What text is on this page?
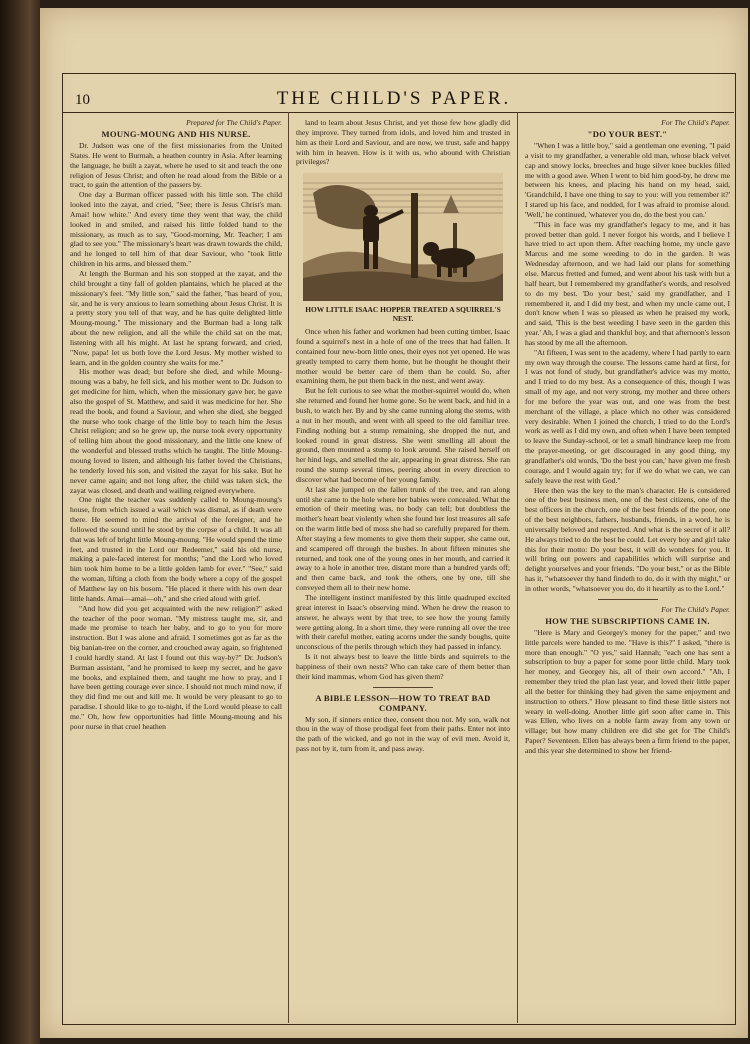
10	THE CHILD'S PAPER.
Prepared for The Child's Paper.
MOUNG-MOUNG AND HIS NURSE.

Dr. Judson was one of the first missionaries from the United States. He went to Burmah, a heathen country in Asia. After learning the language, he built a zayat, where he used to sit and teach the one religion of Jesus Christ; and often he read aloud from the Bible or a tract, to gain the attention of the passers by.

One day a Burman officer passed with his little son. The child looked into the zayat, and cried, "See; there is Jesus Christ's man. Amai! how white." And every time they went that way, the child looked in and smiled, and raised his little folded hand to the missionary, as much as to say, "Good-morning, Mr. Teacher; I am glad to see you." The missionary's heart was drawn towards the child, and he longed to tell him of that dear Saviour, who "took little children in his arms, and blessed them."

At length the Burman and his son stopped at the zayat, and the child brought a tiny fall of golden plantains, which he placed at the missionary's feet. "My little son," said the father, "has heard of you, sir, and he is very anxious to learn something about Jesus Christ. It is a pretty story you tell of that way, and he has quite delighted little Moung-moung." The missionary and the Burman had a long talk about the new religion, and all the while the child sat on the mat, listening with all his might. At last he sprang forward, and cried, "Now, papa! let us both love the Lord Jesus. My mother wished to learn, and in the golden country she waits for me."

His mother was dead; but before she died, and while Moung-moung was a baby, he fell sick, and his mother went to Dr. Judson to get medicine for him, which, when the missionary gave her, he gave also the gospel of St. Matthew, and said it was medicine for her. She read the book, and found a Saviour, and when she died, she begged the nurse who took charge of the little boy to teach him the Jesus Christ religion; and so he grew up, the nurse took every opportunity of telling him about the good missionary, and the little one knew of the wonderful and blessed truths which he taught. The little Moung-moung loved to listen, and although his father loved the Christians, he tenderly loved his son, and visited the zayat for his sake. But he never came again; and not long after, the child was taken sick, the zayat was closed, and death and wailing reigned everywhere.

One night the teacher was suddenly called to Moung-moung's house, from which issued a wail which was dismal, as if death were there. He seemed to mind the arrival of the foreigner, and he followed the sound until he stood by the corpse of a child. It was all that was left of bright little Moung-moung. "He would spend the time feet, and trusted in the Lord our Redeemer," said his old nurse, making a pale-faced interest for months; "and the Lord who loved him took him home to be a little golden lamb for ever." "See," said the woman, lifting a cloth from the body where a copy of the gospel of Matthew lay on his bosom. "He placed it there with his own dear little hands. Amai—amai—oh," and she cried aloud with grief.

"And how did you get acquainted with the new religion?" asked the teacher of the poor woman. "My mistress taught me, sir, and made me promise to teach her baby, and to go to you for more instruction. But I was alone and afraid. I sometimes got as far as the big banian-tree on the corner, and crouched away again, so frightened I could hardly stand. At last I found out this way-by?" Dr. Judson's Burman assistant, "and he promised to keep my secret, and he gave me books, and explained them, and taught me how to pray, and I have been getting courage ever since. I should not much mind now, if they did find me out and kill me. It would be very pleasant to go to paradise. I should like to go to-night, if the Lord would please to call me." Oh, how few opportunities had little Moung-moung and his poor nurse in that cruel heathen

land to learn about Jesus Christ, and yet those few how gladly did they improve. They turned from idols, and loved him and trusted in him as their Lord and Saviour, and are now, we trust, safe and happy with him in heaven. How is it with us, who abound with Christian privileges?

HOW LITTLE ISAAC HOPPER TREATED A SQUIRREL'S NEST.

Once when his father and workmen had been cutting timber, Isaac found a squirrel's nest in a hole of one of the trees that had fallen. It contained four new-born little ones, their eyes not yet opened. He was greatly tempted to carry them home, but he thought he thought their mother would be better care of them than he could. So, after examining them, he put them back in the nest, and went away.

But he felt curious to see what the mother-squirrel would do, when she returned and found her home gone. So he went back, and hid in a bush, to watch her. By and by she came running along the stems, with a nut in her mouth, and went with all speed to the old familiar tree. Finding nothing but a stump remaining, she dropped the nut, and looked round in great distress. She went smelling all about the ground, then mounted a stump to look around. She raised herself on her hind legs, and smelled the air, appearing in great distress. She ran round the stump several times, peering about in every direction to discover what had become of her young family.

At last she jumped on the fallen trunk of the tree, and ran along until she came to the hole where her babies were concealed. What the emotion of their meeting was, no body can tell; but doubtless the mother's heart beat violently when she found her lost treasures all safe on the warm little bed of moss she had so carefully prepared for them. After staying a few moments to give them their supper, she came out, and scampered off through the bushes. In about fifteen minutes she returned, and took one of the young ones in her mouth, and carried it away to a hole in another tree, distant more than a hundred yards off; and then came back, and took the others, one by one, till she conveyed them all to their new home.

The intelligent instinct manifested by this little quadruped excited great interest in Isaac's observing mind. When he drew the reason to answer, he always went by that tree, to see how the young family were getting along. In a short time, they were running all over the tree with their careful mother, eating acorns under the sandy boughs, quite unconscious of the perils through which they had passed in infancy.

Is it not always best to leave the little birds and squirrels to the happiness of their own nests? Who can take care of them better than their kind mammas, whom God has given them?

A BIBLE LESSON—HOW TO TREAT BAD COMPANY.

My son, if sinners entice thee, consent thou not. My son, walk not thou in the way of those prodigal feet from their paths. Enter not into the path of the wicked, and go not in the way of evil men. Avoid it, pass not by it, turn from it, and pass away.

For The Child's Paper.
"DO YOUR BEST."

"When I was a little boy," said a gentleman one evening, "I paid a visit to my grandfather, a venerable old man, whose black velvet cap and snowy locks, breeches and huge silver knee buckles filled me with a good awe. When I went to bid him good-by, he drew me between his knees, and placing his hand on my head, said, 'Grandchild, I have one thing to say to you: will you remember it?' I stared up his face, and nodded, for I was afraid to promise aloud. 'Well,' he continued, 'whatever you do, do the best you can.'

"This in face was my grandfather's legacy to me, and it has proved better than gold. I never forgot his words, and I believe I have tried to act upon them. After reaching home, my uncle gave Marcus and me some weeding to do in the garden. It was Wednesday afternoon, and we had laid our plans for something else. Marcus fretted and fumed, and went about his task with but a half heart, but I remembered my grandfather's words, and resolved to do my best. 'Do your best,' said my grandfather, and I remembered it, and I did my best, and when my uncle came out, I don't know when I was so pleased as when he praised my work, and said, 'This is the best weeding I have seen in the garden this year.' Ah, I was a glad and thankful boy, and that afternoon's lesson has stood by me all the afternoon.

"At fifteen, I was sent to the academy, where I had partly to earn my own way through the course. The lessons came hard at first, for I was not fond of study, but grandfather's advice was my motto, and I tried to do my best. As a consequence of this, though I was small of my age, and not very strong, my mother and three others for me before the year was out, and one was from the best merchant of the village, a place which no other was considered very desirable. When I joined the church, I tried to do the Lord's work as well as I did my own, and often when I have been tempted to leave the Sunday-school, or let a small hindrance keep me from the prayer-meeting, or get discouraged in any good thing, my grandfather's old words, 'Do the best you can,' have given me fresh courage, and I would again try; for if we do what we can, we can safely leave the rest with God."

Here then was the key to the man's character. He is considered one of the best business men, one of the best citizens, one of the best officers in the church, one of the best friends of the poor, one of the best neighbors, fathers, husbands, friends, in a word, he is universally beloved and respected. And what is the secret of it all? He always tried to do the best he could. Let every boy and girl take this for their motto: Do your best, it will do wonders for you. It will bring out powers and capabilities which will surprise and delight yourselves and your friends. "Do your best," or as the Bible has it, "whatsoever thy hand findeth to do, do it with thy might," or in other words, "whatsoever you do, do it heartily as to the Lord."

For The Child's Paper.
HOW THE SUBSCRIPTIONS CAME IN.

"Here is Mary and Georgey's money for the paper," and two little parcels were handed to me. "Have is this?" I asked, "there is more than enough." "O yes," said Hannah; "each one has sent a subscription to buy a paper for some poor little child. Mary took her money, and Georgey his, all of their own accord." "Ah, I remember they tried the plan last year, and loved their little paper all the better for thinking they had given the same enjoyment and instruction to others." How pleasant to find these little sisters not weary in well-doing. Another little girl soon after came in. This was Ellen, who lives on a noble farm away from any town or village; but how many children ere did she get for The Child's Paper? Seventeen. Ellen has always been a firm friend to the paper, and this year she determined to show her friend-
